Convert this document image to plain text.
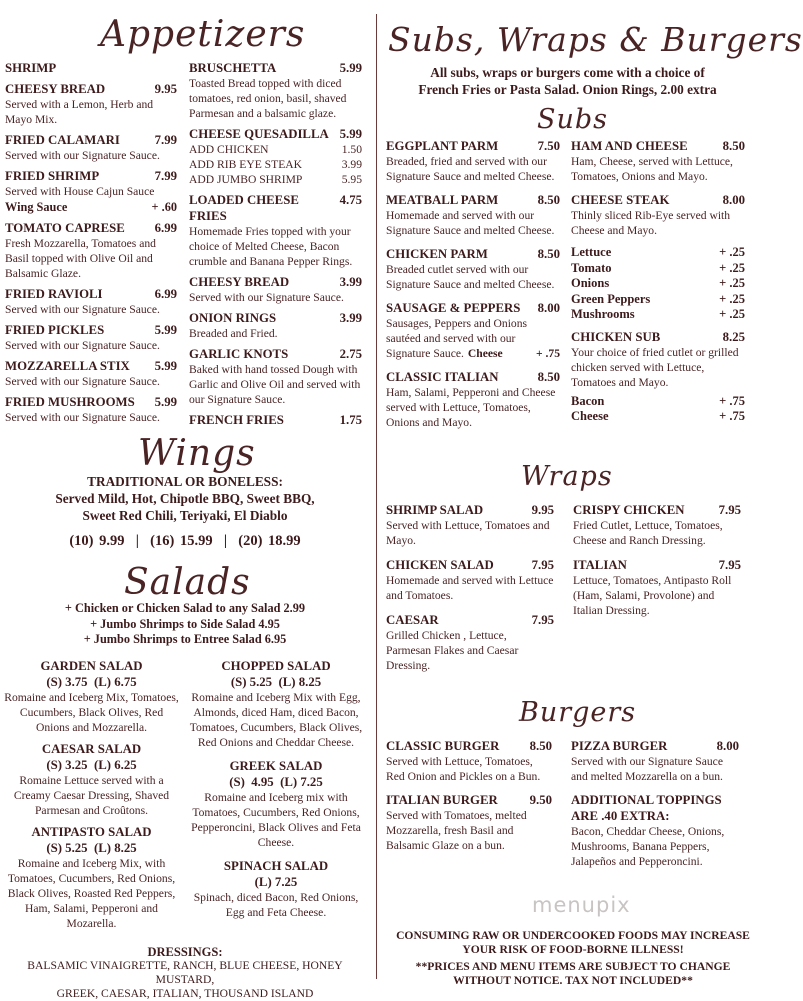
Appetizers
SHRIMP
CHEESY BREAD	9.95
Served with a Lemon, Herb and Mayo Mix.
FRIED CALAMARI	7.99
Served with our Signature Sauce.
FRIED SHRIMP	7.99
Served with House Cajun Sauce
Wing Sauce	+ .60
TOMATO CAPRESE 6.99
Fresh Mozzarella, Tomatoes and Basil topped with Olive Oil and Balsamic Glaze.
FRIED RAVIOLI	6.99
Served with our Signature Sauce.
FRIED PICKLES	5.99
Served with our Signature Sauce.
MOZZARELLA STIX 5.99
Served with our Signature Sauce.
FRIED MUSHROOMS 5.99
Served with our Signature Sauce.
BRUSCHETTA	5.99
Toasted Bread topped with diced tomatoes, red onion, basil, shaved Parmesan and a balsamic glaze.
CHEESE QUESADILLA 5.99
ADD CHICKEN	1.50
ADD RIB EYE STEAK	3.99
ADD JUMBO SHRIMP	5.95
LOADED CHEESE FRIES
4.75
Homemade Fries topped with your choice of Melted Cheese, Bacon crumble and Banana Pepper Rings.
CHEESY BREAD	3.99
Served with our Signature Sauce.
ONION RINGS	3.99
Breaded and Fried.
GARLIC KNOTS	2.75
Baked with hand tossed Dough with Garlic and Olive Oil and served with our Signature Sauce.
FRENCH FRIES	1.75
Wings
TRADITIONAL OR BONELESS:
Served Mild, Hot, Chipotle BBQ, Sweet BBQ,
Sweet Red Chili, Teriyaki, El Diablo
(10) 9.99  |  (16) 15.99  |  (20) 18.99
Salads
+ Chicken or Chicken Salad to any Salad 2.99
+ Jumbo Shrimps to Side Salad 4.95
+ Jumbo Shrimps to Entree Salad 6.95
GARDEN SALAD
(S) 3.75  (L) 6.75
Romaine and Iceberg Mix, Tomatoes, Cucumbers, Black Olives, Red Onions and Mozzarella.
CAESAR SALAD
(S) 3.25  (L) 6.25
Romaine Lettuce served with a Creamy Caesar Dressing, Shaved Parmesan and Croûtons.
ANTIPASTO SALAD
(S) 5.25  (L) 8.25
Romaine and Iceberg Mix, with Tomatoes, Cucumbers, Red Onions, Black Olives, Roasted Red Peppers, Ham, Salami, Pepperoni and Mozarella.
CHOPPED SALAD
(S) 5.25  (L) 8.25
Romaine and Iceberg Mix with Egg, Almonds, diced Ham, diced Bacon, Tomatoes, Cucumbers, Black Olives, Red Onions and Cheddar Cheese.
GREEK SALAD
(S)  4.95  (L) 7.25
Romaine and Iceberg mix with Tomatoes, Cucumbers, Red Onions, Pepperoncini, Black Olives and Feta Cheese.
SPINACH SALAD
(L) 7.25
Spinach, diced Bacon, Red Onions, Egg and Feta Cheese.
DRESSINGS:
BALSAMIC VINAIGRETTE, RANCH, BLUE CHEESE, HONEY MUSTARD,
GREEK, CAESAR, ITALIAN, THOUSAND ISLAND
Subs, Wraps & Burgers
All subs, wraps or burgers come with a choice of
French Fries or Pasta Salad. Onion Rings, 2.00 extra
Subs
EGGPLANT PARM	7.50
Breaded, fried and served with our Signature Sauce and melted Cheese.
MEATBALL PARM	8.50
Homemade and served with our Signature Sauce and melted Cheese.
CHICKEN PARM	8.50
Breaded cutlet served with our Signature Sauce and melted Cheese.
SAUSAGE & PEPPERS 8.00
Sausages, Peppers and Onions sautéed and served with our Signature Sauce. Cheese	+ .75
CLASSIC ITALIAN	8.50
Ham, Salami, Pepperoni and Cheese served with Lettuce, Tomatoes, Onions and Mayo.
HAM AND CHEESE	8.50
Ham, Cheese, served with Lettuce, Tomatoes, Onions and Mayo.
CHEESE STEAK	8.00
Thinly sliced Rib-Eye served with Cheese and Mayo.
Lettuce	+ .25
Tomato	+ .25
Onions	+ .25
Green Peppers	+ .25
Mushrooms	+ .25
CHICKEN SUB	8.25
Your choice of fried cutlet or grilled chicken served with Lettuce, Tomatoes and Mayo.
Bacon	+ .75
Cheese	+ .75
Wraps
SHRIMP SALAD	9.95
Served with Lettuce, Tomatoes and Mayo.
CHICKEN SALAD	7.95
Homemade and served with Lettuce and Tomatoes.
CAESAR	7.95
Grilled Chicken , Lettuce, Parmesan Flakes and Caesar Dressing.
CRISPY CHICKEN	7.95
Fried Cutlet, Lettuce, Tomatoes, Cheese and Ranch Dressing.
ITALIAN	7.95
Lettuce, Tomatoes, Antipasto Roll (Ham, Salami, Provolone) and Italian Dressing.
Burgers
CLASSIC BURGER 8.50
Served with Lettuce, Tomatoes, Red Onion and Pickles on a Bun.
ITALIAN BURGER 9.50
Served with Tomatoes, melted Mozzarella, fresh Basil and Balsamic Glaze on a bun.
PIZZA BURGER	8.00
Served with our Signature Sauce and melted Mozzarella on a bun.
ADDITIONAL TOPPINGS
ARE .40 EXTRA:
Bacon, Cheddar Cheese, Onions, Mushrooms, Banana Peppers, Jalapeños and Pepperoncini.
menupix
CONSUMING RAW OR UNDERCOOKED FOODS MAY INCREASE
YOUR RISK OF FOOD-BORNE ILLNESS!
**PRICES AND MENU ITEMS ARE SUBJECT TO CHANGE
WITHOUT NOTICE. TAX NOT INCLUDED**
